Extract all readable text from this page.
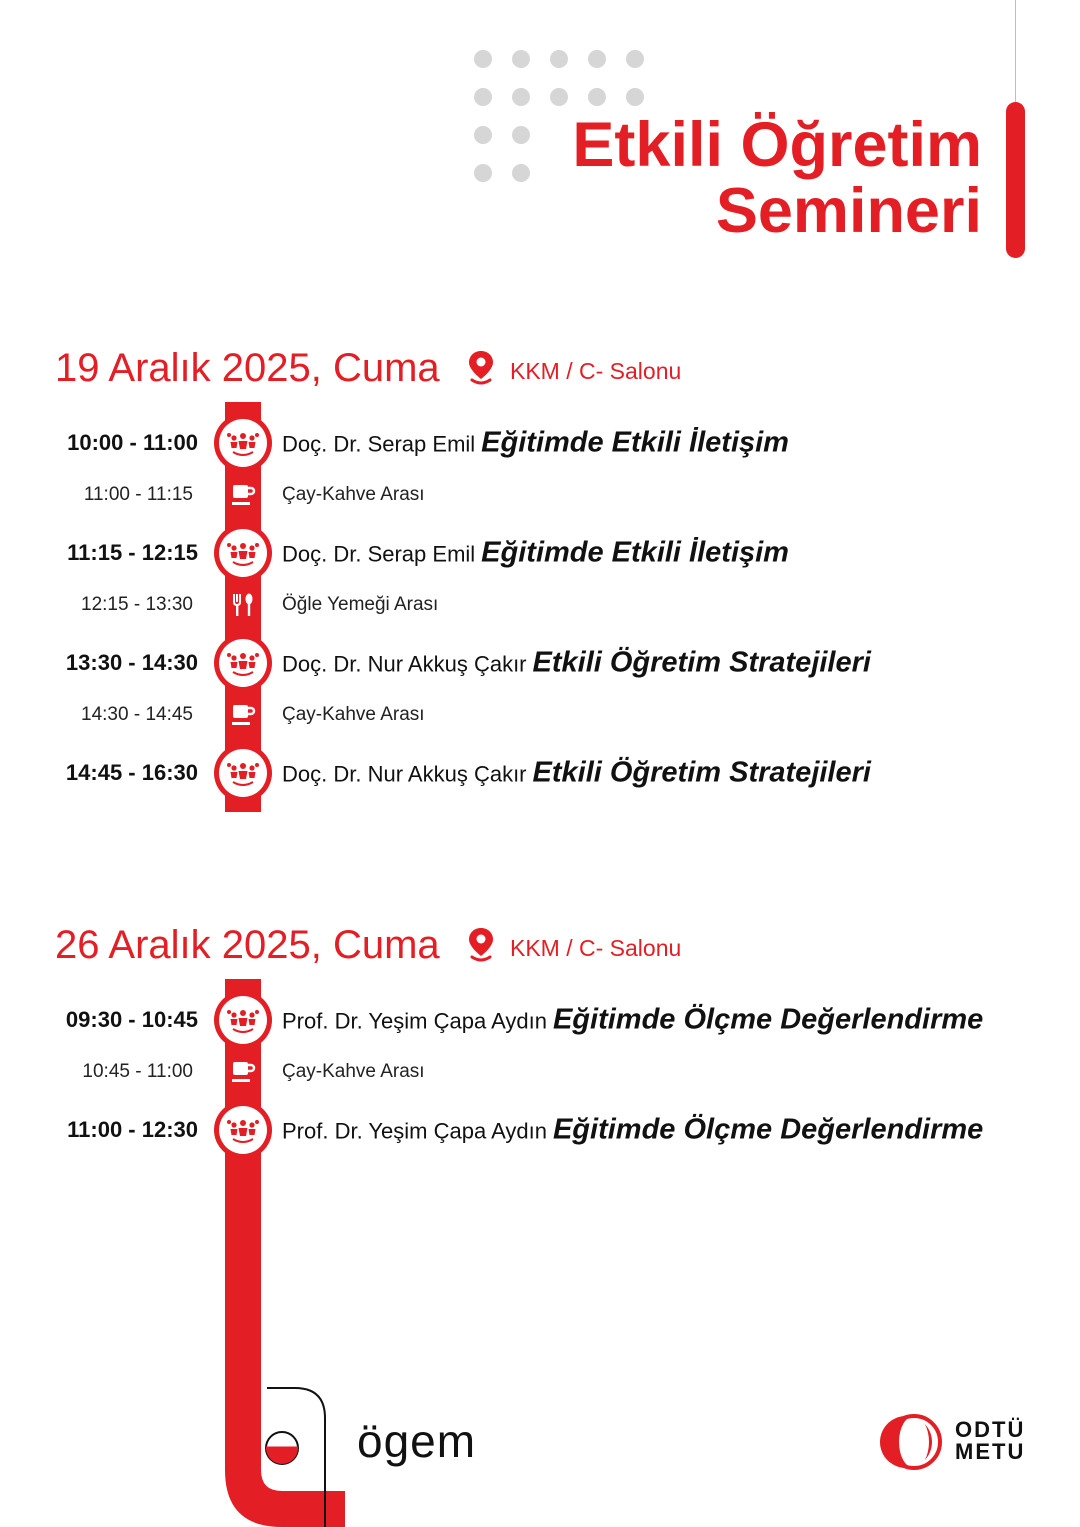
Etkili Öğretim
Semineri
19 Aralık 2025, Cuma	KKM / C- Salonu
10:00 - 11:00	Doç. Dr. Serap Emil Eğitimde Etkili İletişim
11:00 - 11:15	Çay-Kahve Arası
11:15 - 12:15	Doç. Dr. Serap Emil Eğitimde Etkili İletişim
12:15 - 13:30	Öğle Yemeği Arası
13:30 - 14:30	Doç. Dr. Nur Akkuş Çakır Etkili Öğretim Stratejileri
14:30 - 14:45	Çay-Kahve Arası
14:45 - 16:30	Doç. Dr. Nur Akkuş Çakır Etkili Öğretim Stratejileri
26 Aralık 2025, Cuma	KKM / C- Salonu
09:30 - 10:45	Prof. Dr. Yeşim Çapa Aydın Eğitimde Ölçme Değerlendirme
10:45 - 11:00	Çay-Kahve Arası
11:00 - 12:30	Prof. Dr. Yeşim Çapa Aydın Eğitimde Ölçme Değerlendirme
ögem	ODTÜ
METU
